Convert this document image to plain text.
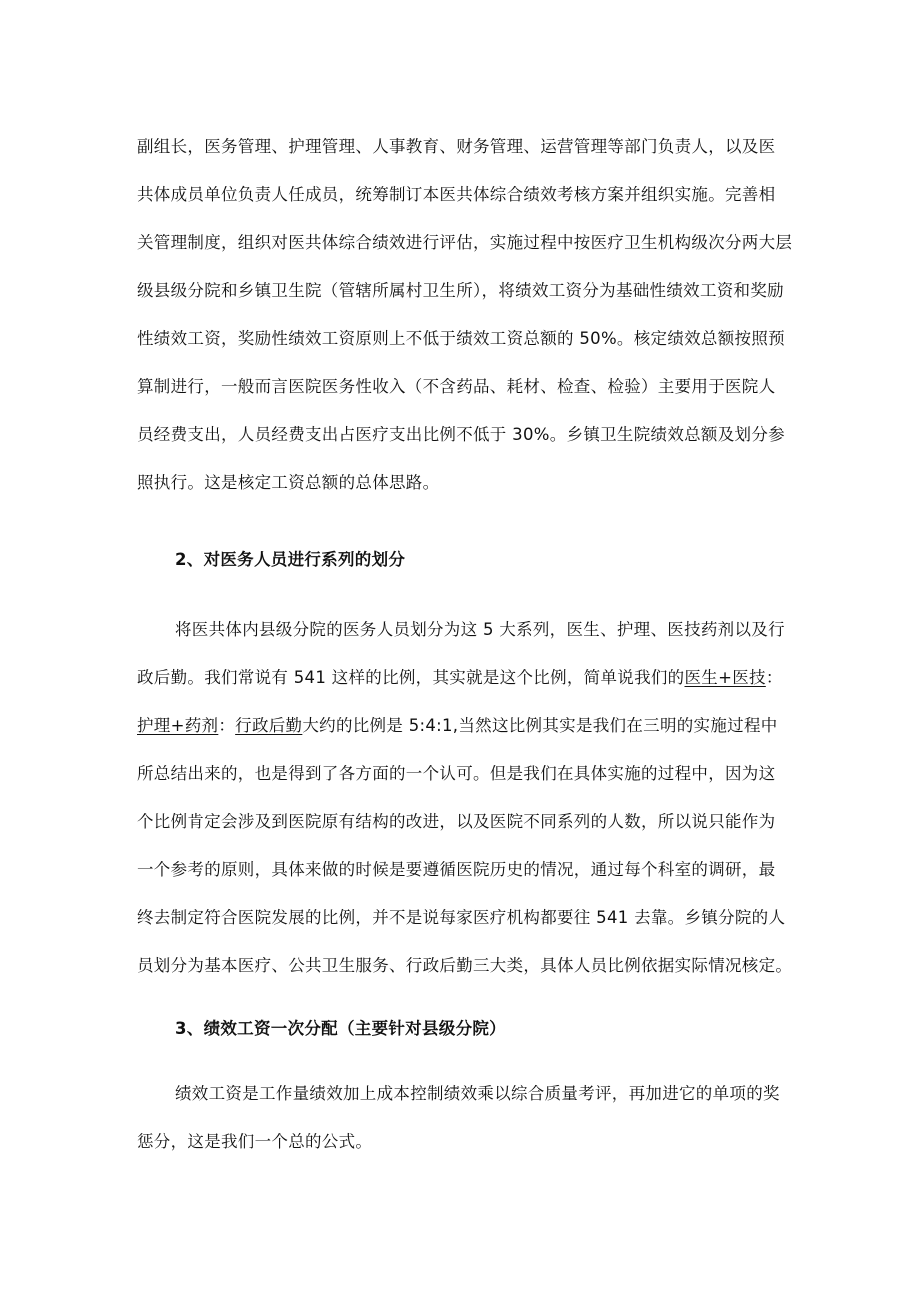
副组长，医务管理、护理管理、人事教育、财务管理、运营管理等部门负责人，以及医
共体成员单位负责人任成员，统筹制订本医共体综合绩效考核方案并组织实施。完善相
关管理制度，组织对医共体综合绩效进行评估，实施过程中按医疗卫生机构级次分两大层
级县级分院和乡镇卫生院（管辖所属村卫生所），将绩效工资分为基础性绩效工资和奖励
性绩效工资，奖励性绩效工资原则上不低于绩效工资总额的 50%。核定绩效总额按照预
算制进行，一般而言医院医务性收入（不含药品、耗材、检查、检验）主要用于医院人
员经费支出，人员经费支出占医疗支出比例不低于 30%。乡镇卫生院绩效总额及划分参
照执行。这是核定工资总额的总体思路。
2、对医务人员进行系列的划分
将医共体内县级分院的医务人员划分为这 5 大系列，医生、护理、医技药剂以及行
政后勤。我们常说有 541 这样的比例，其实就是这个比例，简单说我们的医生+医技：
护理+药剂：行政后勤大约的比例是 5:4:1,当然这比例其实是我们在三明的实施过程中
所总结出来的，也是得到了各方面的一个认可。但是我们在具体实施的过程中，因为这
个比例肯定会涉及到医院原有结构的改进，以及医院不同系列的人数，所以说只能作为
一个参考的原则，具体来做的时候是要遵循医院历史的情况，通过每个科室的调研，最
终去制定符合医院发展的比例，并不是说每家医疗机构都要往 541 去靠。乡镇分院的人
员划分为基本医疗、公共卫生服务、行政后勤三大类，具体人员比例依据实际情况核定。
3、绩效工资一次分配（主要针对县级分院）
绩效工资是工作量绩效加上成本控制绩效乘以综合质量考评，再加进它的单项的奖
惩分，这是我们一个总的公式。
